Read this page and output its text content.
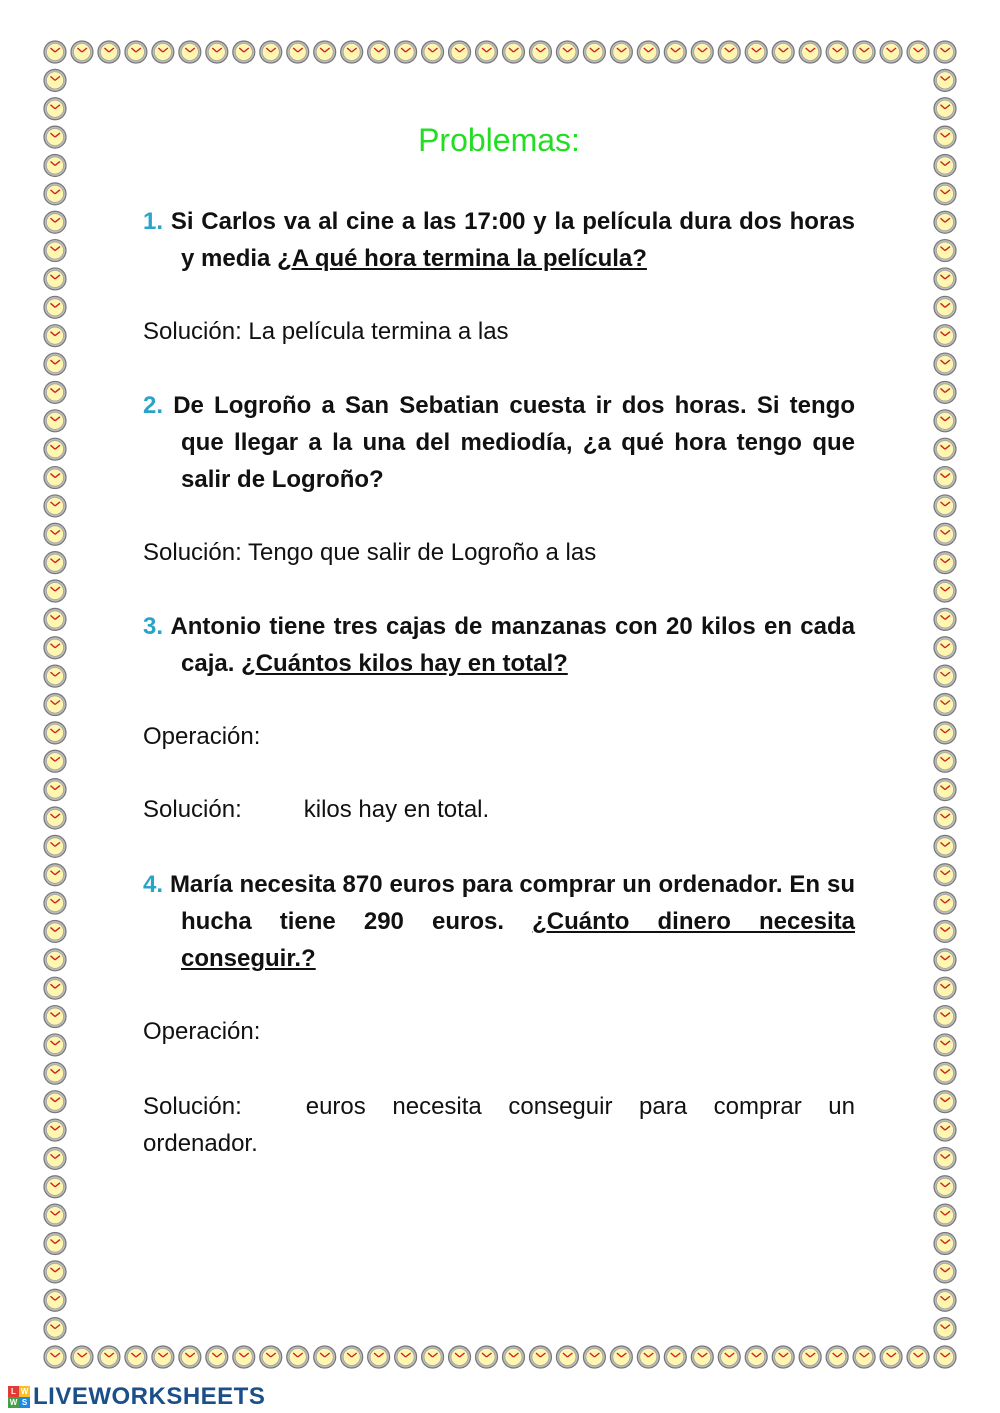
Problemas:
1. Si Carlos va al cine a las 17:00 y la película dura dos horas y media ¿A qué hora termina la película?
Solución: La película termina a las
2. De Logroño a San Sebatian cuesta ir dos horas. Si tengo que llegar a la una del mediodía, ¿a qué hora tengo que salir de Logroño?
Solución: Tengo que salir de Logroño a las
3. Antonio tiene tres cajas de manzanas con 20 kilos en cada caja. ¿Cuántos kilos hay en total?
Operación:
Solución:	kilos hay en total.
4. María necesita 870 euros para comprar un ordenador. En su hucha tiene 290 euros. ¿Cuánto dinero necesita conseguir.?
Operación:
Solución:	euros necesita conseguir para comprar un ordenador.
L W
W S LIVEWORKSHEETS
